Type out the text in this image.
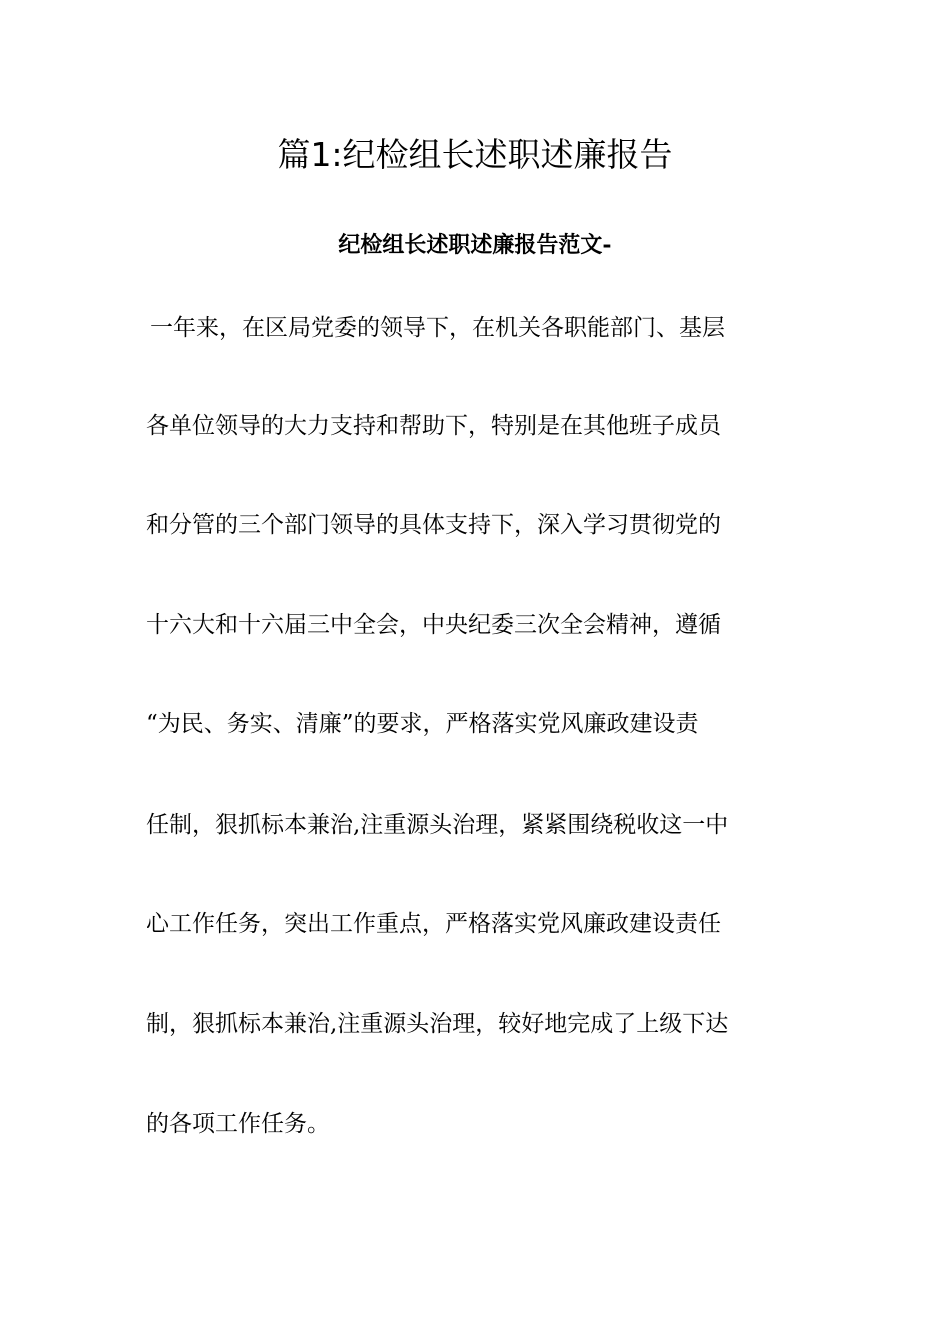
篇1:纪检组长述职述廉报告
纪检组长述职述廉报告范文-

一年来，在区局党委的领导下，在机关各职能部门、基层

各单位领导的大力支持和帮助下，特别是在其他班子成员

和分管的三个部门领导的具体支持下，深入学习贯彻党的

十六大和十六届三中全会，中央纪委三次全会精神，遵循

“为民、务实、清廉”的要求，严格落实党风廉政建设责

任制，狠抓标本兼治,注重源头治理，紧紧围绕税收这一中

心工作任务，突出工作重点，严格落实党风廉政建设责任

制，狠抓标本兼治,注重源头治理，较好地完成了上级下达

的各项工作任务。
